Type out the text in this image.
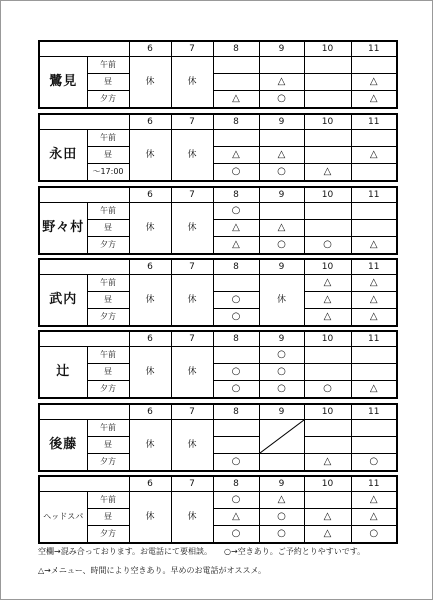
		6	7	8	9	10	11
鷺見	午前	休	休				
	昼				△		△
	夕方			△	○		△
		6	7	8	9	10	11
永田	午前	休	休				
	昼			△	△		△
	～17:00			○	○	△	
		6	7	8	9	10	11
野々村	午前	休	休	○			
	昼			△	△		
	夕方			△	○	○	△
		6	7	8	9	10	11
武内	午前	休	休		休	△	△
	昼			○		△	△
	夕方			○		△	△
		6	7	8	9	10	11
辻	午前	休	休		○		
	昼			○	○		
	夕方			○	○	○	△
		6	7	8	9	10	11
後藤	午前	休	休		

	昼						
	夕方			○		△	○
		6	7	8	9	10	11
ヘッドスパ	午前	休	休	○	△		△
	昼			△	○	△	△
	夕方			○	○	△	○
空欄→混み合っております。お電話にて要相談。　　○→空きあり。ご予約とりやすいです。
△→メニュー、時間により空きあり。早めのお電話がオススメ。
